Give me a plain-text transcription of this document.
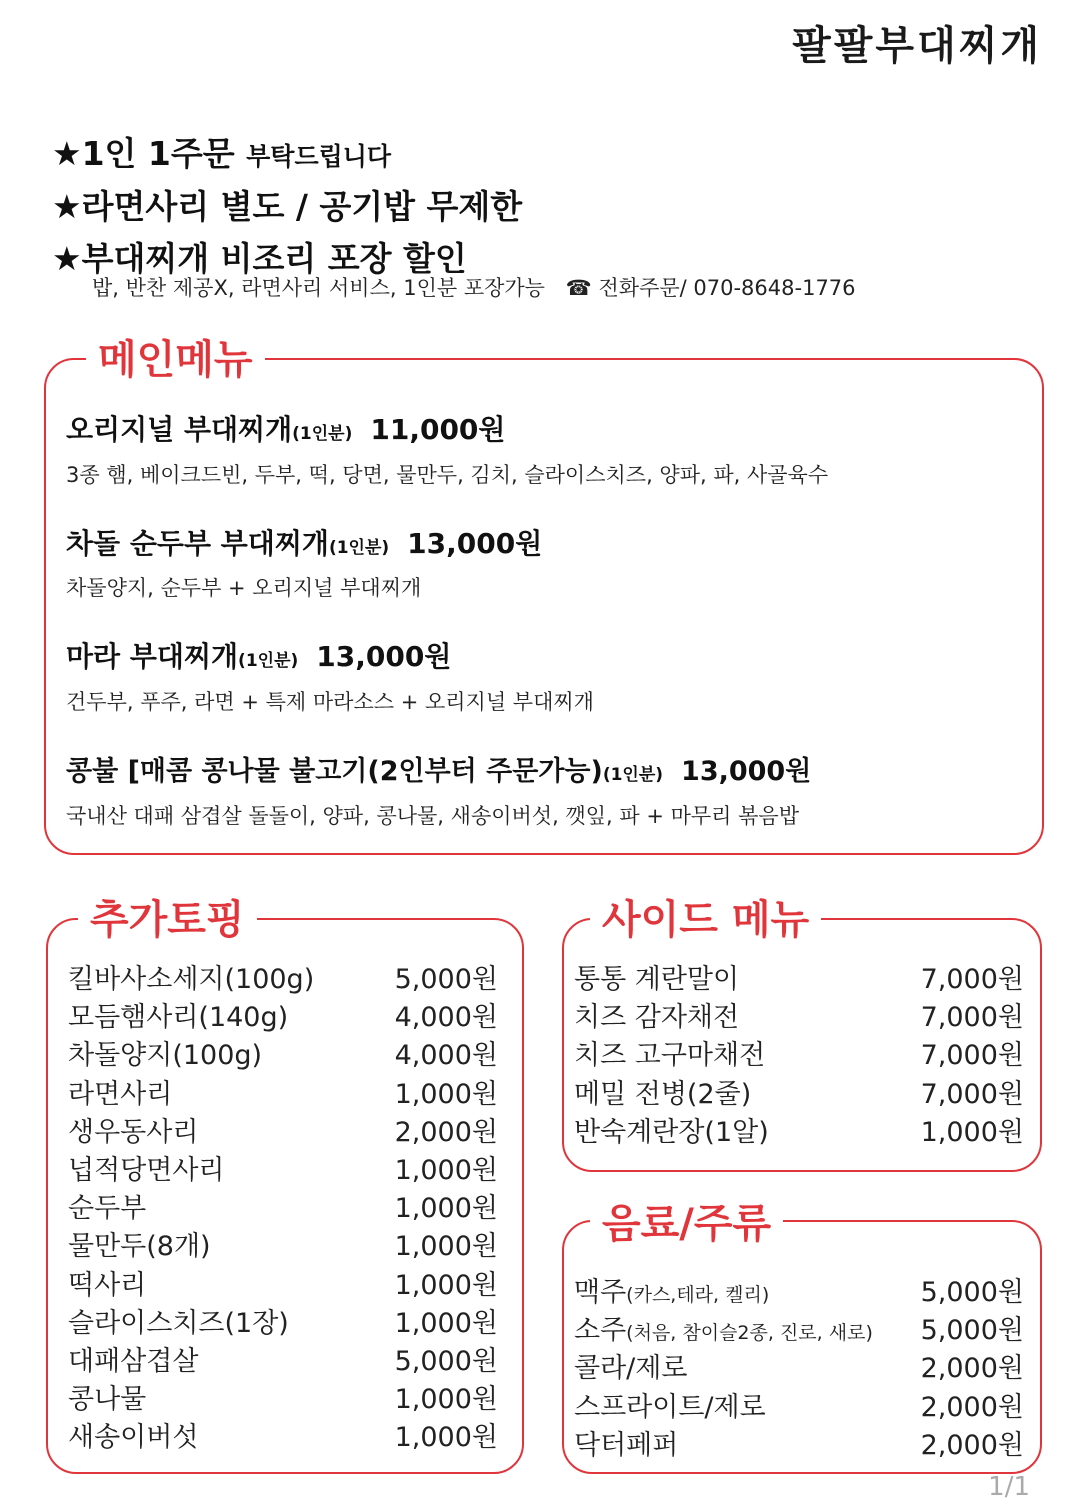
팔팔부대찌개
★1인 1주문 부탁드립니다
★라면사리 별도 / 공기밥 무제한
★부대찌개 비조리 포장 할인
밥, 반찬 제공X, 라면사리 서비스, 1인분 포장가능 ☎ 전화주문/ 070-8648-1776
메인메뉴
오리지널 부대찌개(1인분) 11,000원
3종 햄, 베이크드빈, 두부, 떡, 당면, 물만두, 김치, 슬라이스치즈, 양파, 파, 사골육수
차돌 순두부 부대찌개(1인분) 13,000원
차돌양지, 순두부 + 오리지널 부대찌개
마라 부대찌개(1인분) 13,000원
건두부, 푸주, 라면 + 특제 마라소스 + 오리지널 부대찌개
콩불 [매콤 콩나물 불고기(2인부터 주문가능)(1인분) 13,000원
국내산 대패 삼겹살 돌돌이, 양파, 콩나물, 새송이버섯, 깻잎, 파 + 마무리 볶음밥
추가토핑
킬바사소세지(100g)	5,000원
모듬햄사리(140g)	4,000원
차돌양지(100g)	4,000원
라면사리	1,000원
생우동사리	2,000원
넙적당면사리	1,000원
순두부	1,000원
물만두(8개)	1,000원
떡사리	1,000원
슬라이스치즈(1장)	1,000원
대패삼겹살	5,000원
콩나물	1,000원
새송이버섯	1,000원
사이드 메뉴
통통 계란말이	7,000원
치즈 감자채전	7,000원
치즈 고구마채전	7,000원
메밀 전병(2줄)	7,000원
반숙계란장(1알)	1,000원
음료/주류
맥주(카스,테라, 켈리)	5,000원
소주(처음, 참이슬2종, 진로, 새로) 5,000원
콜라/제로	2,000원
스프라이트/제로	2,000원
닥터페퍼	2,000원
1/1
